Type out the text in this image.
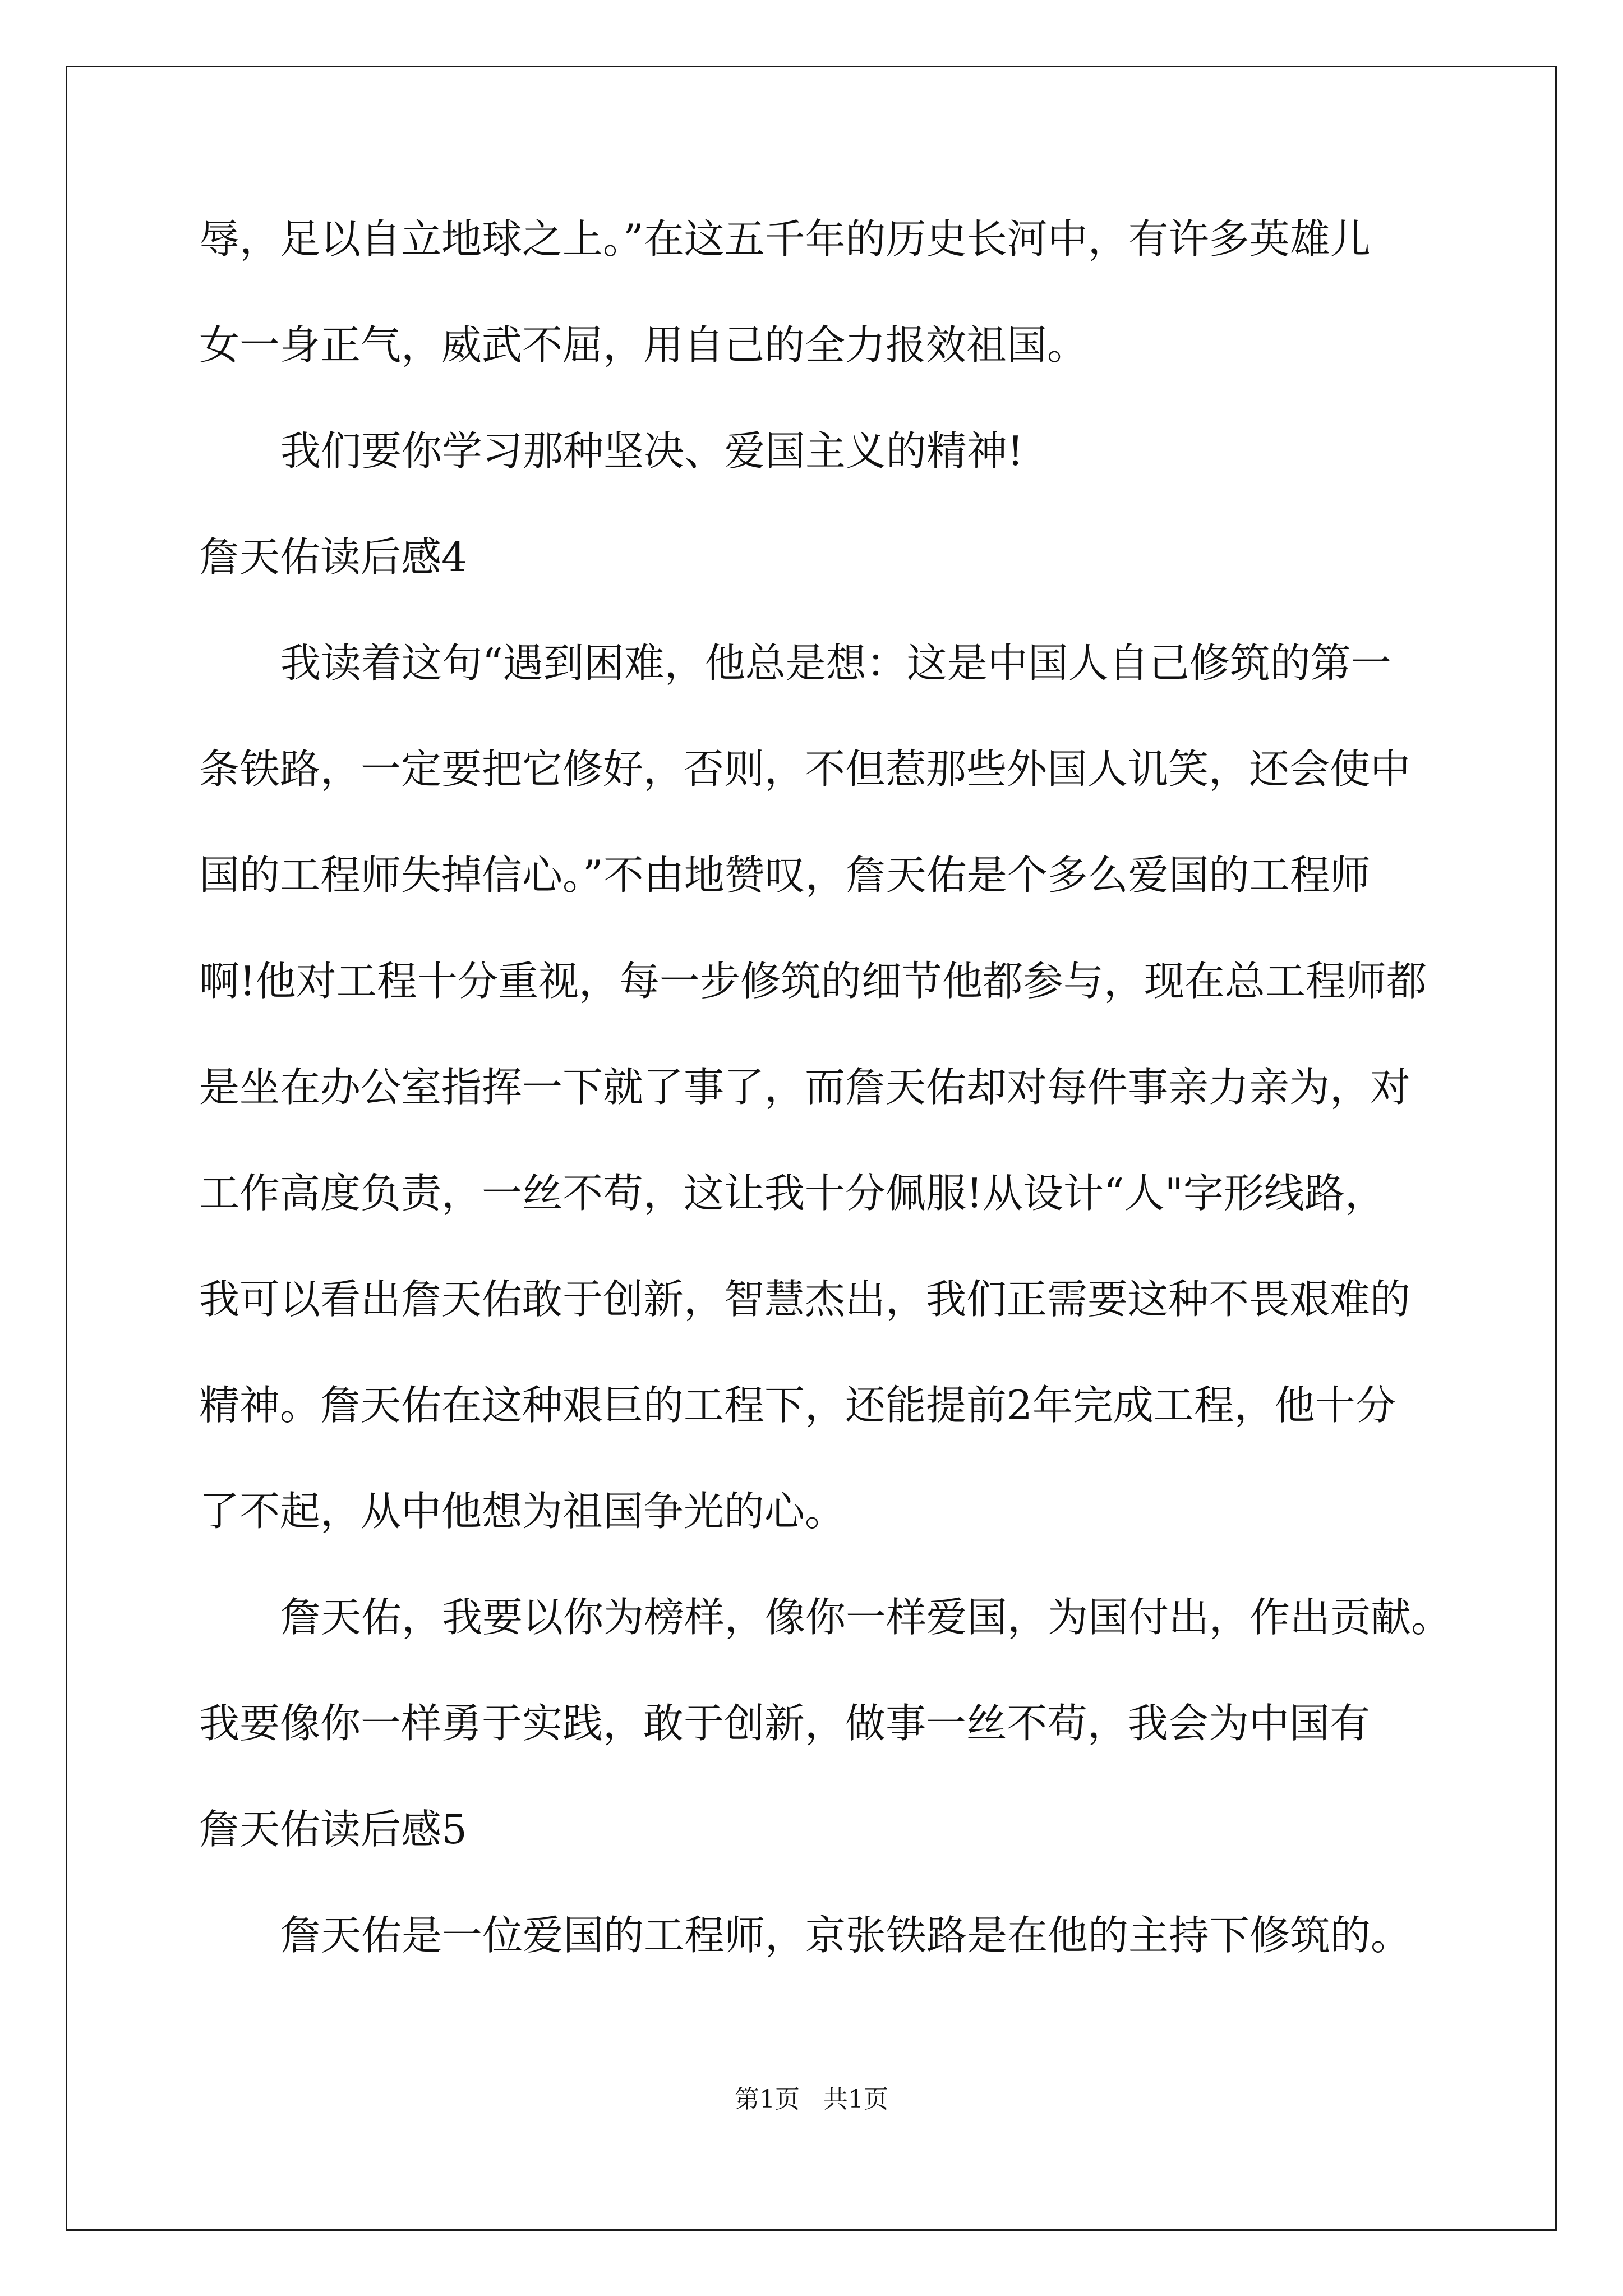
辱，足以自立地球之上。”在这五千年的历史长河中，有许多英雄儿
女一身正气，威武不屈，用自己的全力报效祖国。
我们要你学习那种坚决、爱国主义的精神!
詹天佑读后感4
我读着这句“遇到困难，他总是想：这是中国人自己修筑的第一
条铁路，一定要把它修好，否则，不但惹那些外国人讥笑，还会使中
国的工程师失掉信心。”不由地赞叹，詹天佑是个多么爱国的工程师
啊!他对工程十分重视，每一步修筑的细节他都参与，现在总工程师都
是坐在办公室指挥一下就了事了，而詹天佑却对每件事亲力亲为，对
工作高度负责，一丝不苟，这让我十分佩服!从设计“人"字形线路，
我可以看出詹天佑敢于创新，智慧杰出，我们正需要这种不畏艰难的
精神。詹天佑在这种艰巨的工程下，还能提前2年完成工程，他十分
了不起，从中他想为祖国争光的心。
詹天佑，我要以你为榜样，像你一样爱国，为国付出，作出贡献。
我要像你一样勇于实践，敢于创新，做事一丝不苟，我会为中国有
詹天佑读后感5
詹天佑是一位爱国的工程师，京张铁路是在他的主持下修筑的。
第1页   共1页
